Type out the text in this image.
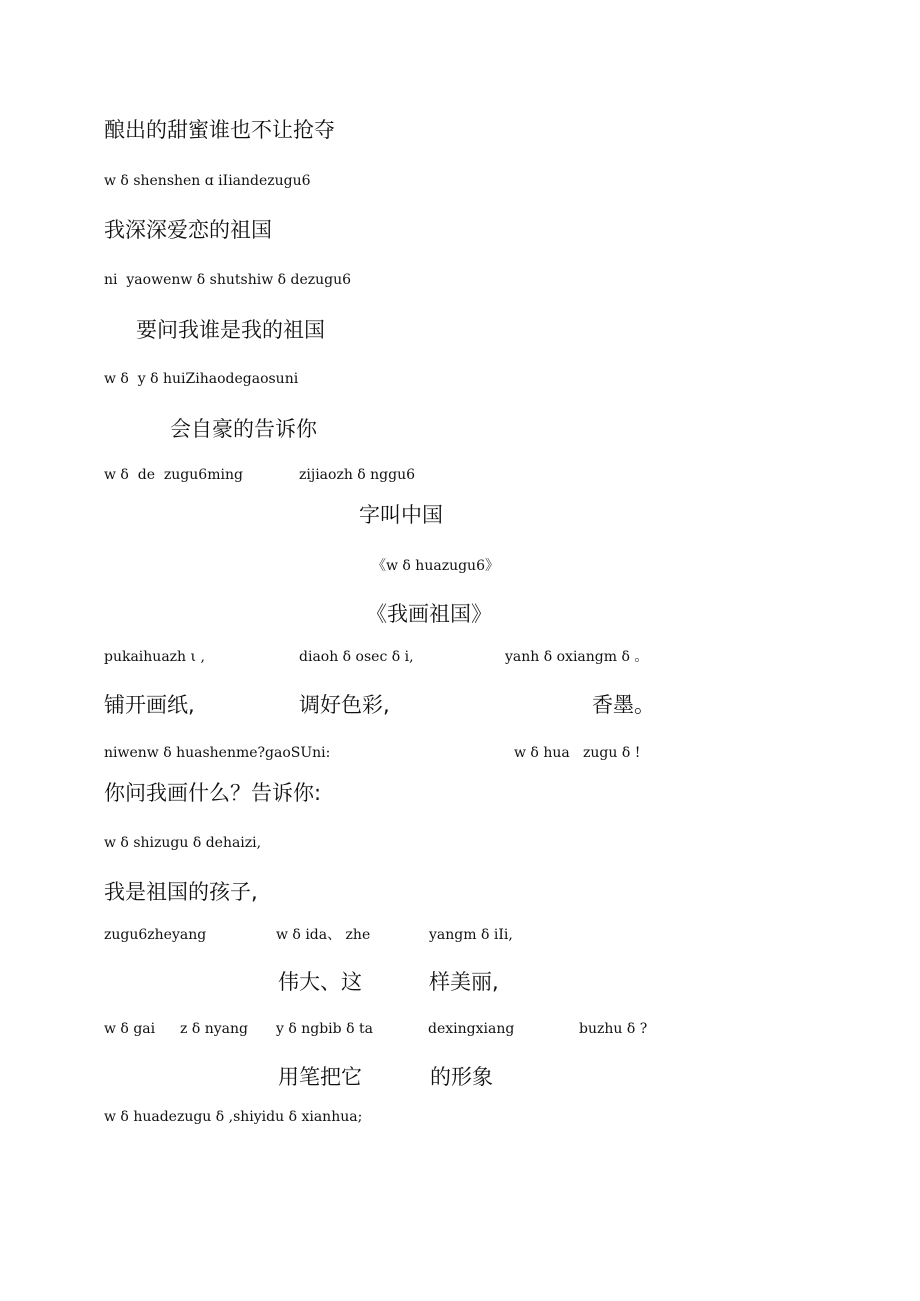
酿出的甜蜜谁也不让抢夺
w δ shenshen ɑ iIiandezugu6
我深深爱恋的祖国
ni  yaowenw δ shutshiw δ dezugu6
要问我谁是我的祖国
w δ  y δ huiZihaodegaosuni
会自豪的告诉你

w δ  de  zugu6ming

	zijiaozh δ nggu6

字叫中国
《w δ huazugu6》
《我画祖国》

pukaihuazh ι ,

	diaoh δ osec δ i,

	yanh δ oxiangm δ 。

铺开画纸,

	调好色彩,

	香墨。

niwenw δ huashenme?gaoSUni:

	w δ hua   zugu δ !

你问我画什么？告诉你:
w δ shizugu δ dehaizi,
我是祖国的孩子,

zugu6zheyang

	w δ ida、 zhe

	yangm δ iIi,

伟大、这

	样美丽,

w δ gai

z δ nyang

y δ ngbib δ ta

	dexingxiang

	buzhu δ ?

用笔把它

	的形象

w δ huadezugu δ ,shiyidu δ xianhua;
